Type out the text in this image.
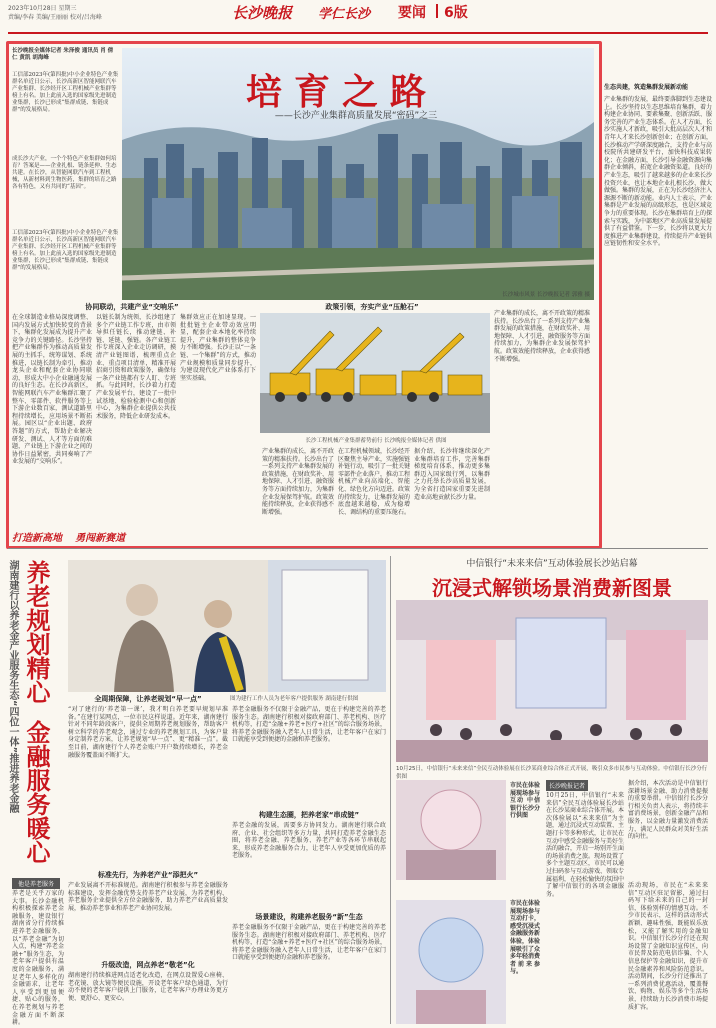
2023年10月28日 星期三
责编/李春 美编/王丽丽 校对/吕海峰	长沙晚报 学仁长沙 要闻 6版
培育之路
——长沙产业集群高质量发展“密码”之三
长沙城市风景 长沙晚报记者 郭雅 摄
长沙晚报全媒体记者 朱泽俊 通讯员 肖 倩 仁 黄凯 胡海峰
工信部2023年(第四批)中小企业特色产业集群名单近日公示，长沙高新区智能网联汽车产业集群、长沙经开区工程机械产业集群等榜上有名。加上此前入选的国家级先进制造业集群，长沙已形成“集群成链、集链成群”的发展格局。
成长沙大产业，一个个特色产业集群如何培育？答案是——企业扎根、链条延伸、生态共建。在长沙，从智能网联汽车到工程机械，从新材料到生物医药，集群的培育之路各有特色，又有共同的“基因”。
工信部2023年(第四批)中小企业特色产业集群名单近日公示，长沙高新区智能网联汽车产业集群、长沙经开区工程机械产业集群等榜上有名。加上此前入选的国家级先进制造业集群，长沙已形成“集群成链、集链成群”的发展格局。
协同联动，共建产业“交响乐”
在全球制造业格局深度调整、国内发展方式加快转变的背景下，集群化发展成为提升产业竞争力的关键路径。长沙坚持把产业集群作为推动高质量发展的主抓手，统筹谋划、系统推进，以链长制为牵引，推动龙头企业和配套企业协同联动，形成大中小企业融通发展的良好生态。在长沙高新区，智能网联汽车产业集群汇聚了整车、零部件、软件服务等上下游企业数百家，测试道路里程持续增长，应用场景不断拓展。园区以“企业出题、政府答题”的方式，帮助企业解决研发、测试、人才等方面的难题，产业链上下游企业之间的协作日益紧密，共同奏响了产业发展的“交响乐”。
以链长制为统领，长沙组建了多个产业链工作专班，由市领导担任链长，推动建链、补链、延链、强链。各产业链工作专班深入企业走访调研，摸清产业链图谱，梳理重点企业、重点项目清单，精准开展招商引资和政策服务，确保每一条产业链都有专人盯、专班抓。与此同时，长沙着力打造产业发展平台，建设了一批中试基地、检验检测中心和创新中心，为集群企业提供公共技术服务，降低企业研发成本。
集群效应正在加速显现。一批批链主企业带动效应明显，配套企业本地化率持续提升，产业集群的整体竞争力不断增强。长沙正以“一条链、一个集群”的方式，推动产业规模和质量同步提升，为建设现代化产业体系打下坚实基础。
政策引领，夯实产业“压舱石”
长沙工程机械产业集群蓄势前行 长沙晚报全媒体记者 供图
产业集群的成长，离不开政策的精准扶持。长沙出台了一系列支持产业集群发展的政策措施，在财政奖补、用地保障、人才引进、融资服务等方面持续加力，为集群企业发展保驾护航。政策效能持续释放，企业获得感不断增强。
在工程机械领域，长沙经开区聚焦主导产业，实施强链补链行动，吸引了一批关键零部件企业落户，推动工程机械产业向高端化、智能化、绿色化方向迈进。政策的持续发力，让集群发展的底盘越来越稳，成为稳增长、调结构的重要压舱石。
据介绍，长沙将继续深化产业集群培育工作，完善集群梯度培育体系，推动更多集群迈入国家级行列，以集群之力托举长沙高质量发展，为全省打造国家重要先进制造业高地贡献长沙力量。
产业集群的成长，离不开政策的精准扶持。长沙出台了一系列支持产业集群发展的政策措施，在财政奖补、用地保障、人才引进、融资服务等方面持续加力，为集群企业发展保驾护航。政策效能持续释放，企业获得感不断增强。
生态共建，筑造集群发展新动能
产业集群的发展，最终要落脚到生态建设上。长沙坚持以生态思维培育集群，着力构建企业协同、要素集聚、创新活跃、服务完善的产业生态体系。在人才方面，长沙实施人才新政，吸引大批高层次人才和青年人才来长沙创新创业；在创新方面，长沙推动产学研深度融合，支持企业与高校院所共建研发平台，加快科技成果转化；在金融方面，长沙引导金融资源向集群企业倾斜，拓宽企业融资渠道。良好的产业生态，吸引了越来越多的企业来长沙投资兴业，也让本地企业扎根长沙、做大做强。集群的发展，正在为长沙经济注入源源不断的新动能。业内人士表示，产业集群是产业发展的高级形态，也是区域竞争力的重要体现。长沙在集群培育上的探索与实践，为中部地区产业高质量发展提供了有益借鉴。下一步，长沙将以更大力度推进产业集群建设，持续提升产业链供应链韧性和安全水平。
打造新高地 勇闯新赛道
湖南建行以养老金产业服务生态“四位一体”推进养老金融 养老规划精心
金融服务暖心
他是养老服务
养老是关乎万家的大事。长沙金融机构积极探索养老金融服务，建设银行湖南省分行持续推进养老金融服务，以“养老金融”为切入点，构建“养老金融+”服务生态，为老年客户提供有温度的金融服务，满足老年人多样化的金融需求，让老年人享受到更加便捷、贴心的服务，在养老规划与养老金融方面不断深耕。
图为建行工作人员为老年客户提供服务 湖南建行供图
全周期保障，让养老规划“早一点”
“对了建行的‘养老第一课’，我才明白养老要早规划早准备。”在建行某网点，一位市民这样说道。近年来，湖南建行针对不同年龄段客户，提供全周期养老规划服务，帮助客户树立科学的养老观念，通过专业的养老规划工具，为客户量身定制养老方案，让养老规划“早一点”、更“精准一点”。截至目前，湖南建行个人养老金账户开户数持续增长，养老金融服务覆盖面不断扩大。
养老金融服务不仅限于金融产品，更在于构建完善的养老服务生态。湖南建行积极对接政府部门、养老机构、医疗机构等，打造“金融+养老+医疗+社区”的综合服务场景，将养老金融服务融入老年人日常生活，让老年客户在家门口就能享受到便捷的金融和养老服务。
标准先行，为养老产业“添把火”
产业发展离不开标准规范。湖南建行积极参与养老金融服务标准建设，发挥金融优势支持养老产业发展，为养老机构、养老服务企业提供全方位金融服务，助力养老产业高质量发展，推动养老事业和养老产业协同发展。
升级改造，网点养老“敬老”化
湖南建行持续推进网点适老化改造，在网点设置爱心座椅、老花镜、放大镜等便民设施，开设老年客户绿色通道，为行动不便的老年客户提供上门服务，让老年客户办理业务更方便、更舒心、更安心。
构建生态圈，把养老家“串成链”
养老金融的发展，需要多方协同发力。湖南建行联合政府、企业、社会组织等多方力量，共同打造养老金融生态圈，将养老金融、养老服务、养老产业等各环节串联起来，形成养老金融服务合力，让老年人享受更加优质的养老服务。
场景建设，构建养老服务“新”生态
养老金融服务不仅限于金融产品，更在于构建完善的养老服务生态。湖南建行积极对接政府部门、养老机构、医疗机构等，打造“金融+养老+医疗+社区”的综合服务场景，将养老金融服务融入老年人日常生活，让老年客户在家门口就能享受到便捷的金融和养老服务。
中信银行“未来来信”互动体验展长沙站启幕
沉浸式解锁场景消费新图景
10月25日，中信银行“未来来信”全民互动体验展在长沙某商业综合体正式开展，吸引众多市民参与互动体验。中信银行长沙分行供图
市民在体验展现场参与互动 中信银行长沙分行供图
市民在体验展现场参与互动打卡，感受沉浸式金融服务新体验，体验展吸引了众多年轻消费者前来参与。
长沙晚报记者
10月25日，中信银行“未来来信”全民互动体验展长沙站在长沙某商业综合体开展。本次体验展以“未来来信”为主题，通过沉浸式互动装置、主题打卡等多种形式，让市民在互动中感受金融服务与美好生活的融合，开启一场别开生面的场景消费之旅。现场设置了多个主题互动区，市民可以通过扫码参与互动游戏、领取专属福利，在轻松愉快的氛围中了解中信银行的各项金融服务。
据介绍，本次活动是中信银行深耕场景金融、助力消费提振的重要举措。中信银行长沙分行相关负责人表示，将持续丰富消费场景，创新金融产品和服务，以金融力量激发消费活力，满足人民群众对美好生活的向往。
活动现场，市民在“未来来信”互动区驻足留影，通过扫码写下给未来的自己的一封信，体验别样的情感互动。不少市民表示，这样的活动形式新颖、趣味性强，既能娱乐放松，又能了解实用的金融知识。中信银行长沙分行还在现场设置了金融知识宣传区，向市民普及防范电信诈骗、个人信息保护等金融知识，提升市民金融素养和风险防范意识。活动期间，长沙分行还推出了一系列消费优惠活动，覆盖餐饮、购物、娱乐等多个生活场景，持续助力长沙消费市场提质扩容。
